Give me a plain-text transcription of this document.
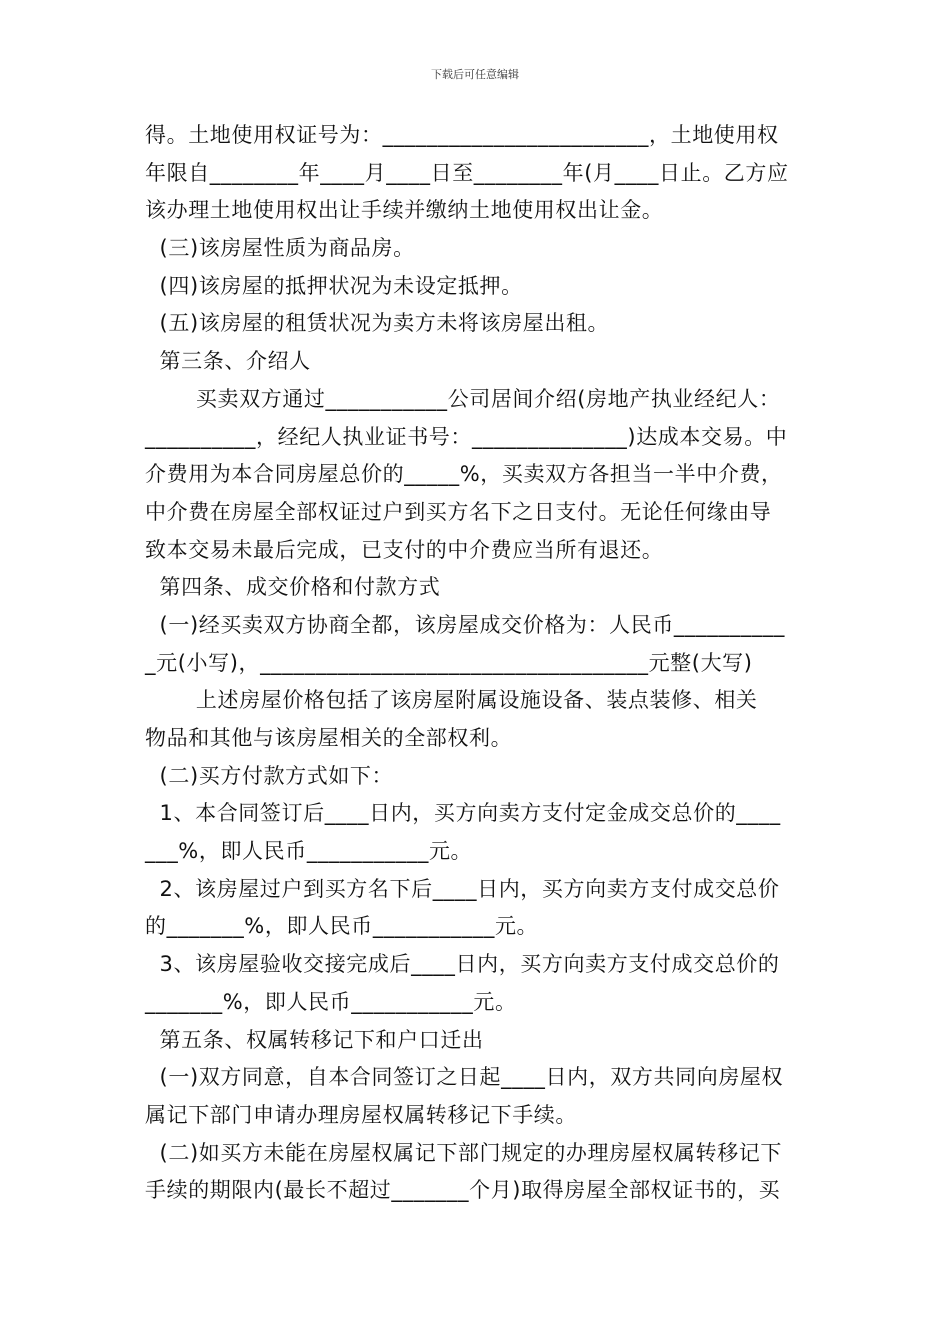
下载后可任意编辑
得。土地使用权证号为：________________________，土地使用权
年限自________年____月____日至________年(月____日止。乙方应
该办理土地使用权出让手续并缴纳土地使用权出让金。
(三)该房屋性质为商品房。
(四)该房屋的抵押状况为未设定抵押。
(五)该房屋的租赁状况为卖方未将该房屋出租。
第三条、介绍人
买卖双方通过___________公司居间介绍(房地产执业经纪人：
__________，经纪人执业证书号：______________)达成本交易。中
介费用为本合同房屋总价的_____%，买卖双方各担当一半中介费，
中介费在房屋全部权证过户到买方名下之日支付。无论任何缘由导
致本交易未最后完成，已支付的中介费应当所有退还。
第四条、成交价格和付款方式
(一)经买卖双方协商全都，该房屋成交价格为：人民币__________
_元(小写)，___________________________________元整(大写)
上述房屋价格包括了该房屋附属设施设备、装点装修、相关
物品和其他与该房屋相关的全部权利。
(二)买方付款方式如下：
1、本合同签订后____日内，买方向卖方支付定金成交总价的____
___%，即人民币___________元。
2、该房屋过户到买方名下后____日内，买方向卖方支付成交总价
的_______%，即人民币___________元。
3、该房屋验收交接完成后____日内，买方向卖方支付成交总价的
_______%，即人民币___________元。
第五条、权属转移记下和户口迁出
(一)双方同意，自本合同签订之日起____日内，双方共同向房屋权
属记下部门申请办理房屋权属转移记下手续。
(二)如买方未能在房屋权属记下部门规定的办理房屋权属转移记下
手续的期限内(最长不超过_______个月)取得房屋全部权证书的，买
